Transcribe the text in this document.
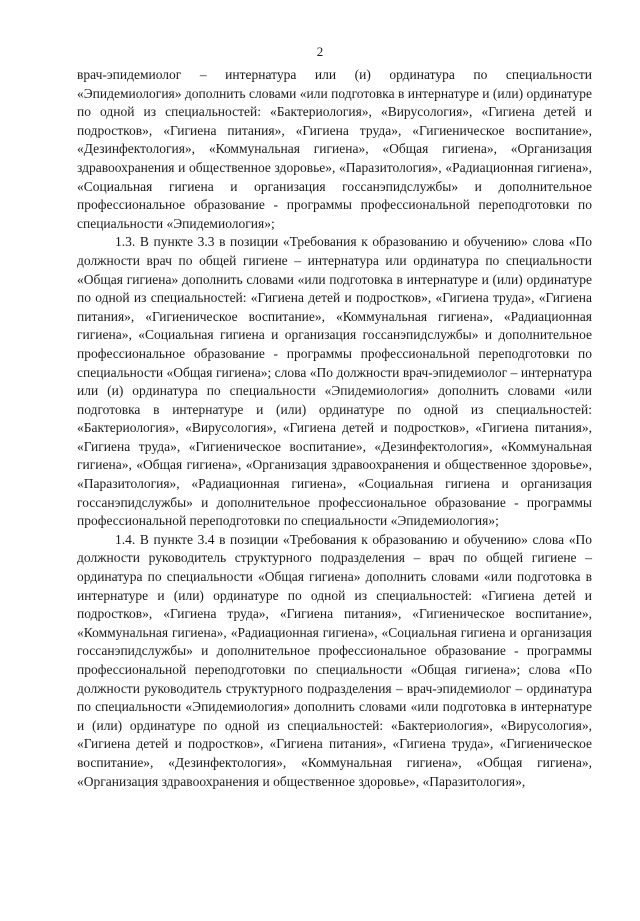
2

врач-эпидемиолог – интернатура или (и) ординатура по специальности «Эпидемиология» дополнить словами «или подготовка в интернатуре и (или) ординатуре по одной из специальностей: «Бактериология», «Вирусология», «Гигиена детей и подростков», «Гигиена питания», «Гигиена труда», «Гигиеническое воспитание», «Дезинфектология», «Коммунальная гигиена», «Общая гигиена», «Организация здравоохранения и общественное здоровье», «Паразитология», «Радиационная гигиена», «Социальная гигиена и организация госсанэпидслужбы» и дополнительное профессиональное образование - программы профессиональной переподготовки по специальности «Эпидемиология»;

1.3. В пункте 3.3 в позиции «Требования к образованию и обучению» слова «По должности врач по общей гигиене – интернатура или ординатура по специальности «Общая гигиена» дополнить словами «или подготовка в интернатуре и (или) ординатуре по одной из специальностей: «Гигиена детей и подростков», «Гигиена труда», «Гигиена питания», «Гигиеническое воспитание», «Коммунальная гигиена», «Радиационная гигиена», «Социальная гигиена и организация госсанэпидслужбы» и дополнительное профессиональное образование - программы профессиональной переподготовки по специальности «Общая гигиена»; слова «По должности врач-эпидемиолог – интернатура или (и) ординатура по специальности «Эпидемиология» дополнить словами «или подготовка в интернатуре и (или) ординатуре по одной из специальностей: «Бактериология», «Вирусология», «Гигиена детей и подростков», «Гигиена питания», «Гигиена труда», «Гигиеническое воспитание», «Дезинфектология», «Коммунальная гигиена», «Общая гигиена», «Организация здравоохранения и общественное здоровье», «Паразитология», «Радиационная гигиена», «Социальная гигиена и организация госсанэпидслужбы» и дополнительное профессиональное образование - программы профессиональной переподготовки по специальности «Эпидемиология»;

1.4. В пункте 3.4 в позиции «Требования к образованию и обучению» слова «По должности руководитель структурного подразделения – врач по общей гигиене – ординатура по специальности «Общая гигиена» дополнить словами «или подготовка в интернатуре и (или) ординатуре по одной из специальностей: «Гигиена детей и подростков», «Гигиена труда», «Гигиена питания», «Гигиеническое воспитание», «Коммунальная гигиена», «Радиационная гигиена», «Социальная гигиена и организация госсанэпидслужбы» и дополнительное профессиональное образование - программы профессиональной переподготовки по специальности «Общая гигиена»; слова «По должности руководитель структурного подразделения – врач-эпидемиолог – ординатура по специальности «Эпидемиология» дополнить словами «или подготовка в интернатуре и (или) ординатуре по одной из специальностей: «Бактериология», «Вирусология», «Гигиена детей и подростков», «Гигиена питания», «Гигиена труда», «Гигиеническое воспитание», «Дезинфектология», «Коммунальная гигиена», «Общая гигиена», «Организация здравоохранения и общественное здоровье», «Паразитология»,
